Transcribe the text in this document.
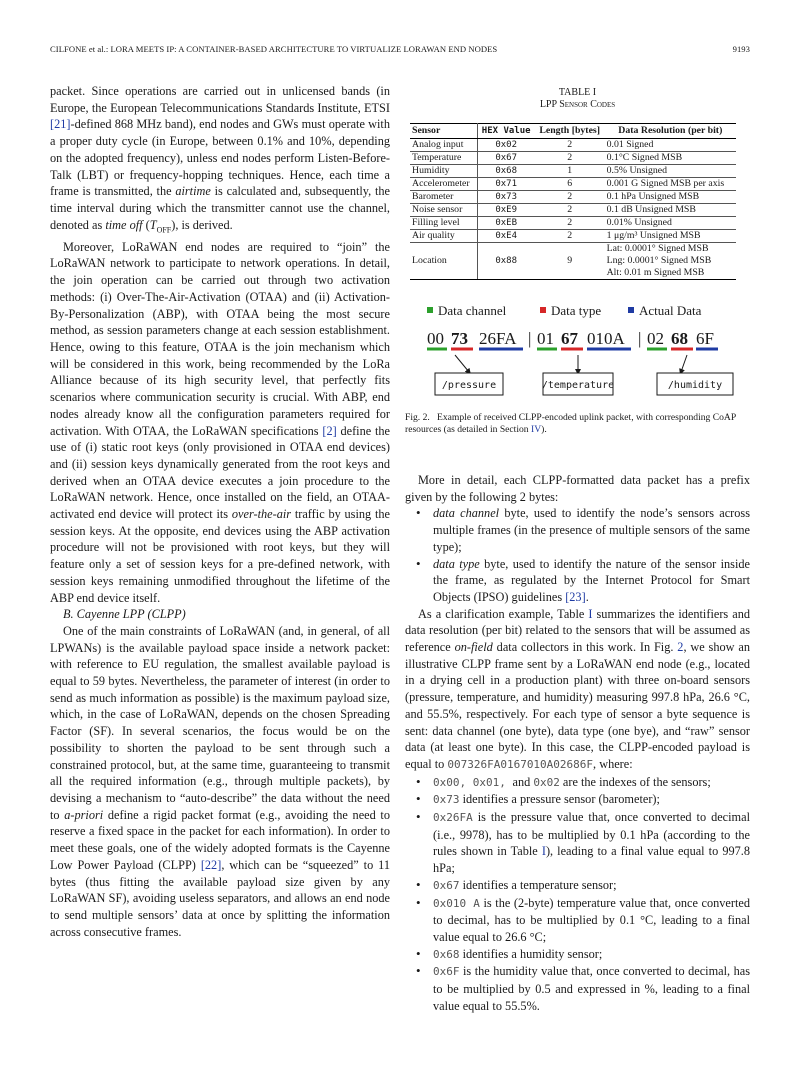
CILFONE et al.: LORA MEETS IP: A CONTAINER-BASED ARCHITECTURE TO VIRTUALIZE LORAWAN END NODES	9193

packet. Since operations are carried out in unlicensed bands (in Europe, the European Telecommunications Standards Institute, ETSI [21]-defined 868 MHz band), end nodes and GWs must operate with a proper duty cycle (in Europe, between 0.1% and 10%, depending on the adopted frequency), unless end nodes perform Listen-Before-Talk (LBT) or frequency-hopping techniques. Hence, each time a frame is transmitted, the airtime is calculated and, subsequently, the time interval during which the transmitter cannot use the channel, denoted as time off $(T_{OFF})$, is derived.

Moreover, LoRaWAN end nodes are required to “join” the LoRaWAN network to participate to network operations. In detail, the join operation can be carried out through two activation methods: (i) Over-The-Air-Activation (OTAA) and (ii) Activation-By-Personalization (ABP), with OTAA being the most secure method, as session parameters change at each session establishment. Hence, owing to this feature, OTAA is the join mechanism which will be considered in this work, being recommended by the LoRa Alliance because of its high security level, that perfectly fits scenarios where communication security is crucial. With ABP, end nodes already know all the configuration parameters required for activation. With OTAA, the LoRaWAN specifications [2] define the use of (i) static root keys (only provisioned in OTAA end devices) and (ii) session keys dynamically generated from the root keys and derived when an OTAA device executes a join procedure to the LoRaWAN network. Hence, once installed on the field, an OTAA-activated end device will protect its over-the-air traffic by using the session keys. At the opposite, end devices using the ABP activation procedure will not be provisioned with root keys, but they will feature only a set of session keys for a pre-defined network, with session keys remaining unmodified throughout the lifetime of the ABP end device itself.

B. Cayenne LPP (CLPP)

One of the main constraints of LoRaWAN (and, in general, of all LPWANs) is the available payload space inside a network packet: with reference to EU regulation, the smallest available payload is equal to 59 bytes. Nevertheless, the parameter of interest (in order to send as much information as possible) is the maximum payload size, which, in the case of LoRaWAN, depends on the chosen Spreading Factor (SF). In several scenarios, the focus would be on the possibility to shorten the payload to be sent through such a constrained protocol, but, at the same time, guaranteeing to transmit all the required information (e.g., through multiple packets), by devising a mechanism to “auto-describe” the data without the need to a-priori define a rigid packet format (e.g., avoiding the need to reserve a fixed space in the packet for each information). In order to meet these goals, one of the widely adopted formats is the Cayenne Low Power Payload (CLPP) [22], which can be “squeezed” to 11 bytes (thus fitting the available payload size given by any LoRaWAN SF), avoiding useless separators, and allows an end node to send multiple sensors’ data at once by splitting the information across consecutive frames.

TABLE I
LPP Sensor Codes
Sensor	HEX Value	Length [bytes]	Data Resolution (per bit)
Analog input	0x02	2	0.01 Signed
Temperature	0x67	2	0.1°C Signed MSB
Humidity	0x68	1	0.5% Unsigned
Accelerometer	0x71	6	0.001 G Signed MSB per axis
Barometer	0x73	2	0.1 hPa Unsigned MSB
Noise sensor	0xE9	2	0.1 dB Unsigned MSB
Filling level	0xEB	2	0.01% Unsigned
Air quality	0xE4	2	1 μg/m³ Unsigned MSB
Location	0x88	9	Lat: 0.0001° Signed MSB
Lng: 0.0001° Signed MSB
Alt: 0.01 m Signed MSB
Data channel	Data type	Actual Data
00 73 26FA 01 67 010A 02 68 6F
|	|
/pressure	/temperature	/humidity
Fig. 2. Example of received CLPP-encoded uplink packet, with corresponding CoAP resources (as detailed in Section IV).

More in detail, each CLPP-formatted data packet has a prefix given by the following 2 bytes:

• data channel byte, used to identify the node’s sensors across multiple frames (in the presence of multiple sensors of the same type);
• data type byte, used to identify the nature of the sensor inside the frame, as regulated by the Internet Protocol for Smart Objects (IPSO) guidelines [23].

As a clarification example, Table I summarizes the identifiers and data resolution (per bit) related to the sensors that will be assumed as reference on-field data collectors in this work. In Fig. 2, we show an illustrative CLPP frame sent by a LoRaWAN end node (e.g., located in a drying cell in a production plant) with three on-board sensors (pressure, temperature, and humidity) measuring 997.8 hPa, 26.6 °C, and 55.5%, respectively. For each type of sensor a byte sequence is sent: data channel (one byte), data type (one bye), and “raw” sensor data (at least one byte). In this case, the CLPP-encoded payload is equal to 007326FA0167010A02686F, where:

• 0x00, 0x01, and 0x02 are the indexes of the sensors;
• 0x73 identifies a pressure sensor (barometer);
• 0x26FA is the pressure value that, once converted to decimal (i.e., 9978), has to be multiplied by 0.1 hPa (according to the rules shown in Table I), leading to a final value equal to 997.8 hPa;
• 0x67 identifies a temperature sensor;
• 0x010 A is the (2-byte) temperature value that, once converted to decimal, has to be multiplied by 0.1 °C, leading to a final value equal to 26.6 °C;
• 0x68 identifies a humidity sensor;
• 0x6F is the humidity value that, once converted to decimal, has to be multiplied by 0.5 and expressed in %, leading to a final value equal to 55.5%.
